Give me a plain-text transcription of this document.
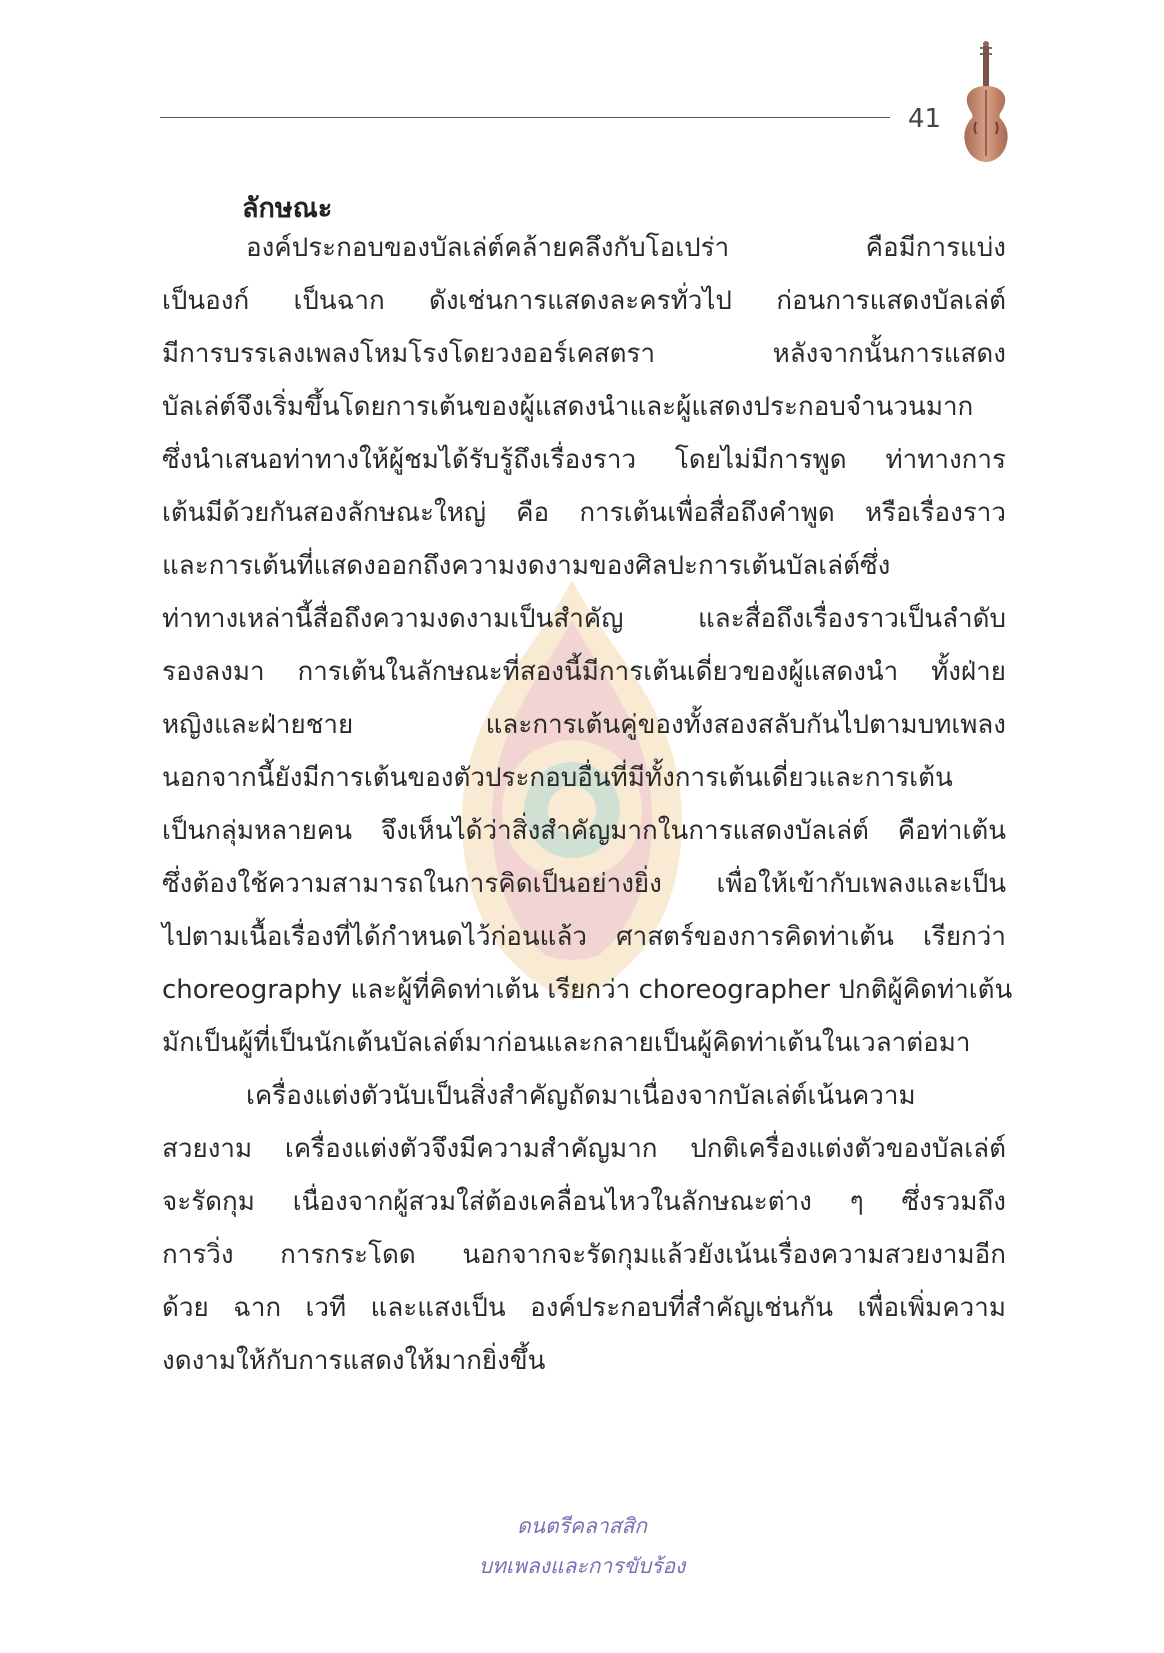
41
ลักษณะ
องค์ประกอบของบัลเล่ต์คล้ายคลึงกับโอเปร่า คือมีการแบ่ง
เป็นองก์ เป็นฉาก ดังเช่นการแสดงละครทั่วไป ก่อนการแสดงบัลเล่ต์
มีการบรรเลงเพลงโหมโรงโดยวงออร์เคสตรา หลังจากนั้นการแสดง
บัลเล่ต์จึงเริ่มขึ้นโดยการเต้นของผู้แสดงนำและผู้แสดงประกอบจำนวนมาก
ซึ่งนำเสนอท่าทางให้ผู้ชมได้รับรู้ถึงเรื่องราว โดยไม่มีการพูด ท่าทางการ
เต้นมีด้วยกันสองลักษณะใหญ่ คือ การเต้นเพื่อสื่อถึงคำพูด หรือเรื่องราว
และการเต้นที่แสดงออกถึงความงดงามของศิลปะการเต้นบัลเล่ต์ซึ่ง
ท่าทางเหล่านี้สื่อถึงความงดงามเป็นสำคัญ และสื่อถึงเรื่องราวเป็นลำดับ
รองลงมา การเต้นในลักษณะที่สองนี้มีการเต้นเดี่ยวของผู้แสดงนำ ทั้งฝ่าย
หญิงและฝ่ายชาย และการเต้นคู่ของทั้งสองสลับกันไปตามบทเพลง
นอกจากนี้ยังมีการเต้นของตัวประกอบอื่นที่มีทั้งการเต้นเดี่ยวและการเต้น
เป็นกลุ่มหลายคน จึงเห็นได้ว่าสิ่งสำคัญมากในการแสดงบัลเล่ต์ คือท่าเต้น
ซึ่งต้องใช้ความสามารถในการคิดเป็นอย่างยิ่ง เพื่อให้เข้ากับเพลงและเป็น
ไปตามเนื้อเรื่องที่ได้กำหนดไว้ก่อนแล้ว ศาสตร์ของการคิดท่าเต้น เรียกว่า
choreography และผู้ที่คิดท่าเต้น เรียกว่า choreographer ปกติผู้คิดท่าเต้น
มักเป็นผู้ที่เป็นนักเต้นบัลเล่ต์มาก่อนและกลายเป็นผู้คิดท่าเต้นในเวลาต่อมา
เครื่องแต่งตัวนับเป็นสิ่งสำคัญถัดมาเนื่องจากบัลเล่ต์เน้นความ
สวยงาม เครื่องแต่งตัวจึงมีความสำคัญมาก ปกติเครื่องแต่งตัวของบัลเล่ต์
จะรัดกุม เนื่องจากผู้สวมใส่ต้องเคลื่อนไหวในลักษณะต่าง ๆ ซึ่งรวมถึง
การวิ่ง การกระโดด นอกจากจะรัดกุมแล้วยังเน้นเรื่องความสวยงามอีก
ด้วย ฉาก เวที และแสงเป็น องค์ประกอบที่สำคัญเช่นกัน เพื่อเพิ่มความ
งดงามให้กับการแสดงให้มากยิ่งขึ้น
ดนตรีคลาสสิก
บทเพลงและการขับร้อง
